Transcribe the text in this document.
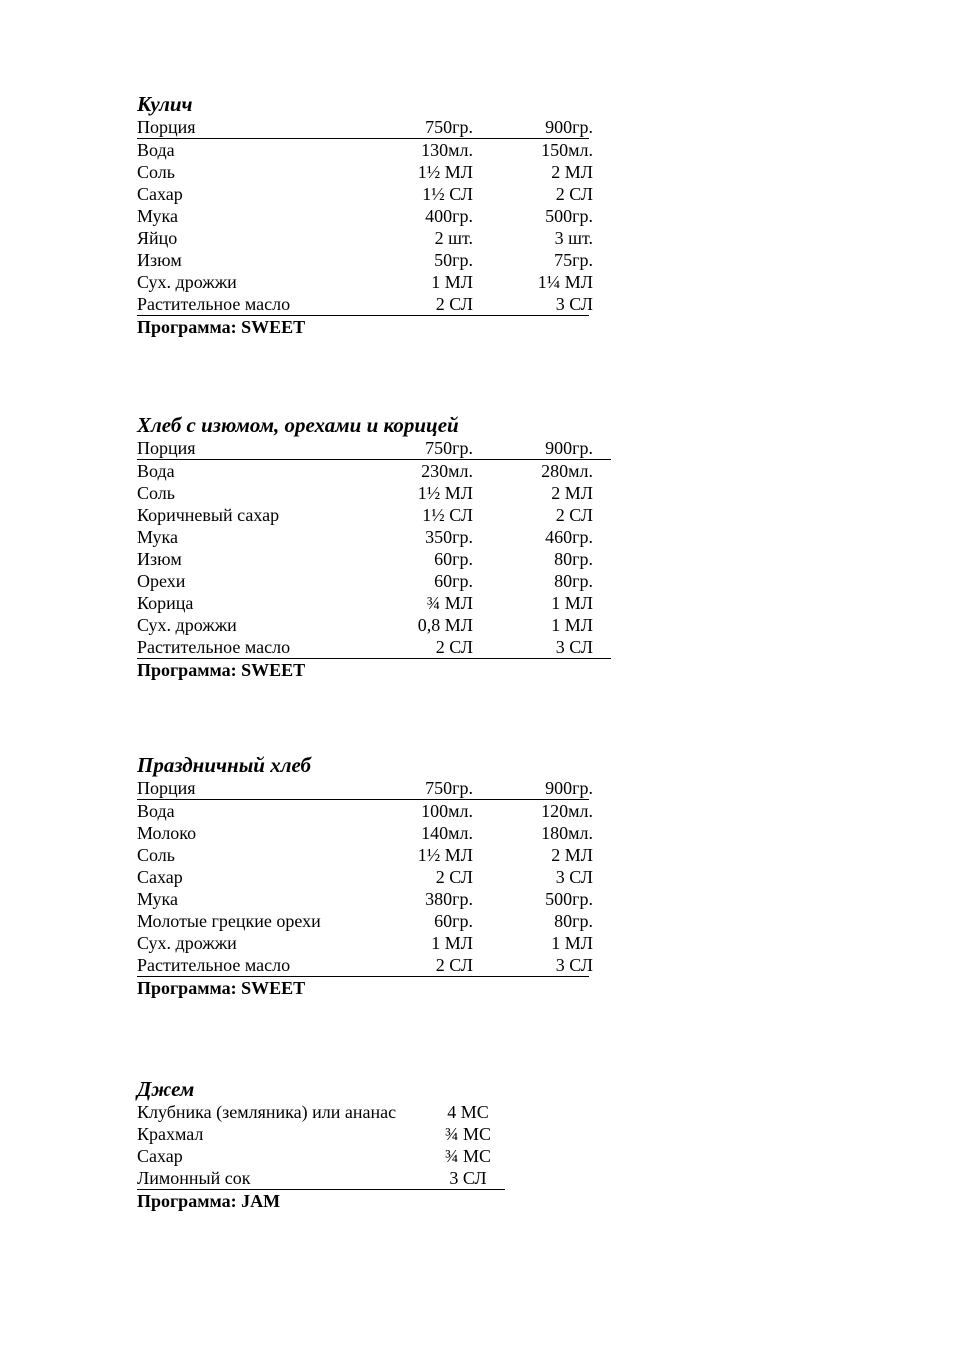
Кулич
Порция	750гр.	900гр.
Вода	130мл.	150мл.
Соль	1½ МЛ	2 МЛ
Сахар	1½ СЛ	2 СЛ
Мука	400гр.	500гр.
Яйцо	2 шт.	3 шт.
Изюм	50гр.	75гр.
Сух. дрожжи	1 МЛ	1¼ МЛ
Растительное масло	2 СЛ	3 СЛ
Программа: SWEET
Хлеб с изюмом, орехами и корицей
Порция	750гр.	900гр.
Вода	230мл.	280мл.
Соль	1½ МЛ	2 МЛ
Коричневый сахар	1½ СЛ	2 СЛ
Мука	350гр.	460гр.
Изюм	60гр.	80гр.
Орехи	60гр.	80гр.
Корица	¾ МЛ	1 МЛ
Сух. дрожжи	0,8 МЛ	1 МЛ
Растительное масло	2 СЛ	3 СЛ
Программа: SWEET
Праздничный хлеб
Порция	750гр.	900гр.
Вода	100мл.	120мл.
Молоко	140мл.	180мл.
Соль	1½ МЛ	2 МЛ
Сахар	2 СЛ	3 СЛ
Мука	380гр.	500гр.
Молотые грецкие орехи	60гр.	80гр.
Сух. дрожжи	1 МЛ	1 МЛ
Растительное масло	2 СЛ	3 СЛ
Программа: SWEET
Джем
Клубника (земляника) или ананас	4 МС
Крахмал	¾ МС
Сахар	¾ МС
Лимонный сок	3 СЛ
Программа: JAM
